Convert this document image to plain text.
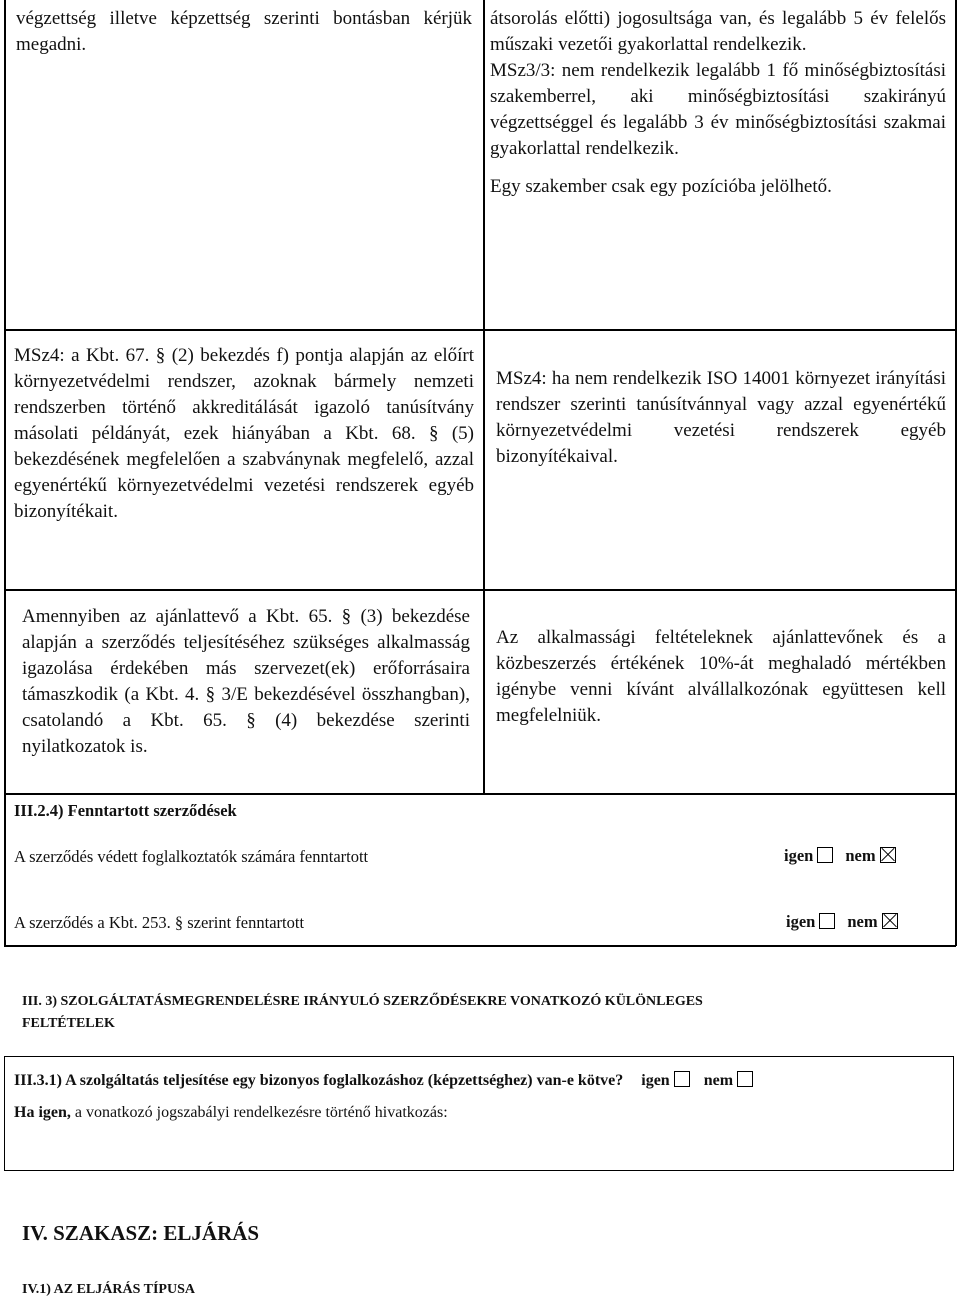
végzettség illetve képzettség szerinti bontásban kérjük megadni.

átsorolás előtti) jogosultsága van, és legalább 5 év felelős műszaki vezetői gyakorlattal rendelkezik.

MSz3/3: nem rendelkezik legalább 1 fő minőségbiztosítási szakemberrel, aki minőségbiztosítási szakirányú végzettséggel és legalább 3 év minőségbiztosítási szakmai gyakorlattal rendelkezik.

Egy szakember csak egy pozícióba jelölhető.

MSz4: a Kbt. 67. § (2) bekezdés f) pontja alapján az előírt környezetvédelmi rendszer, azoknak bármely nemzeti rendszerben történő akkreditálását igazoló tanúsítvány másolati példányát, ezek hiányában a Kbt. 68. § (5) bekezdésének megfelelően a szabványnak megfelelő, azzal egyenértékű környezetvédelmi vezetési rendszerek egyéb bizonyítékait.

MSz4: ha nem rendelkezik ISO 14001 környezet irányítási rendszer szerinti tanúsítvánnyal vagy azzal egyenértékű környezetvédelmi vezetési rendszerek egyéb bizonyítékaival.

Amennyiben az ajánlattevő a Kbt. 65. § (3) bekezdése alapján a szerződés teljesítéséhez szükséges alkalmasság igazolása érdekében más szervezet(ek) erőforrásaira támaszkodik (a Kbt. 4. § 3/E bekezdésével összhangban), csatolandó a Kbt. 65. § (4) bekezdése szerinti nyilatkozatok is.

Az alkalmassági feltételeknek ajánlattevőnek és a közbeszerzés értékének 10%-át meghaladó mértékben igénybe venni kívánt alvállalkozónak együttesen kell megfelelniük.

III.2.4) Fenntartott szerződések
A szerződés védett foglalkoztatók számára fenntartott	igen nem
A szerződés a Kbt. 253. § szerint fenntartott	igen nem
III. 3) SZOLGÁLTATÁSMEGRENDELÉSRE IRÁNYULÓ SZERZŐDÉSEKRE VONATKOZÓ KÜLÖNLEGES
FELTÉTELEK
III.3.1) A szolgáltatás teljesítése egy bizonyos foglalkozáshoz (képzettséghez) van-e kötve? igen nem
Ha igen, a vonatkozó jogszabályi rendelkezésre történő hivatkozás:
IV. SZAKASZ: ELJÁRÁS
IV.1) AZ ELJÁRÁS TÍPUSA
